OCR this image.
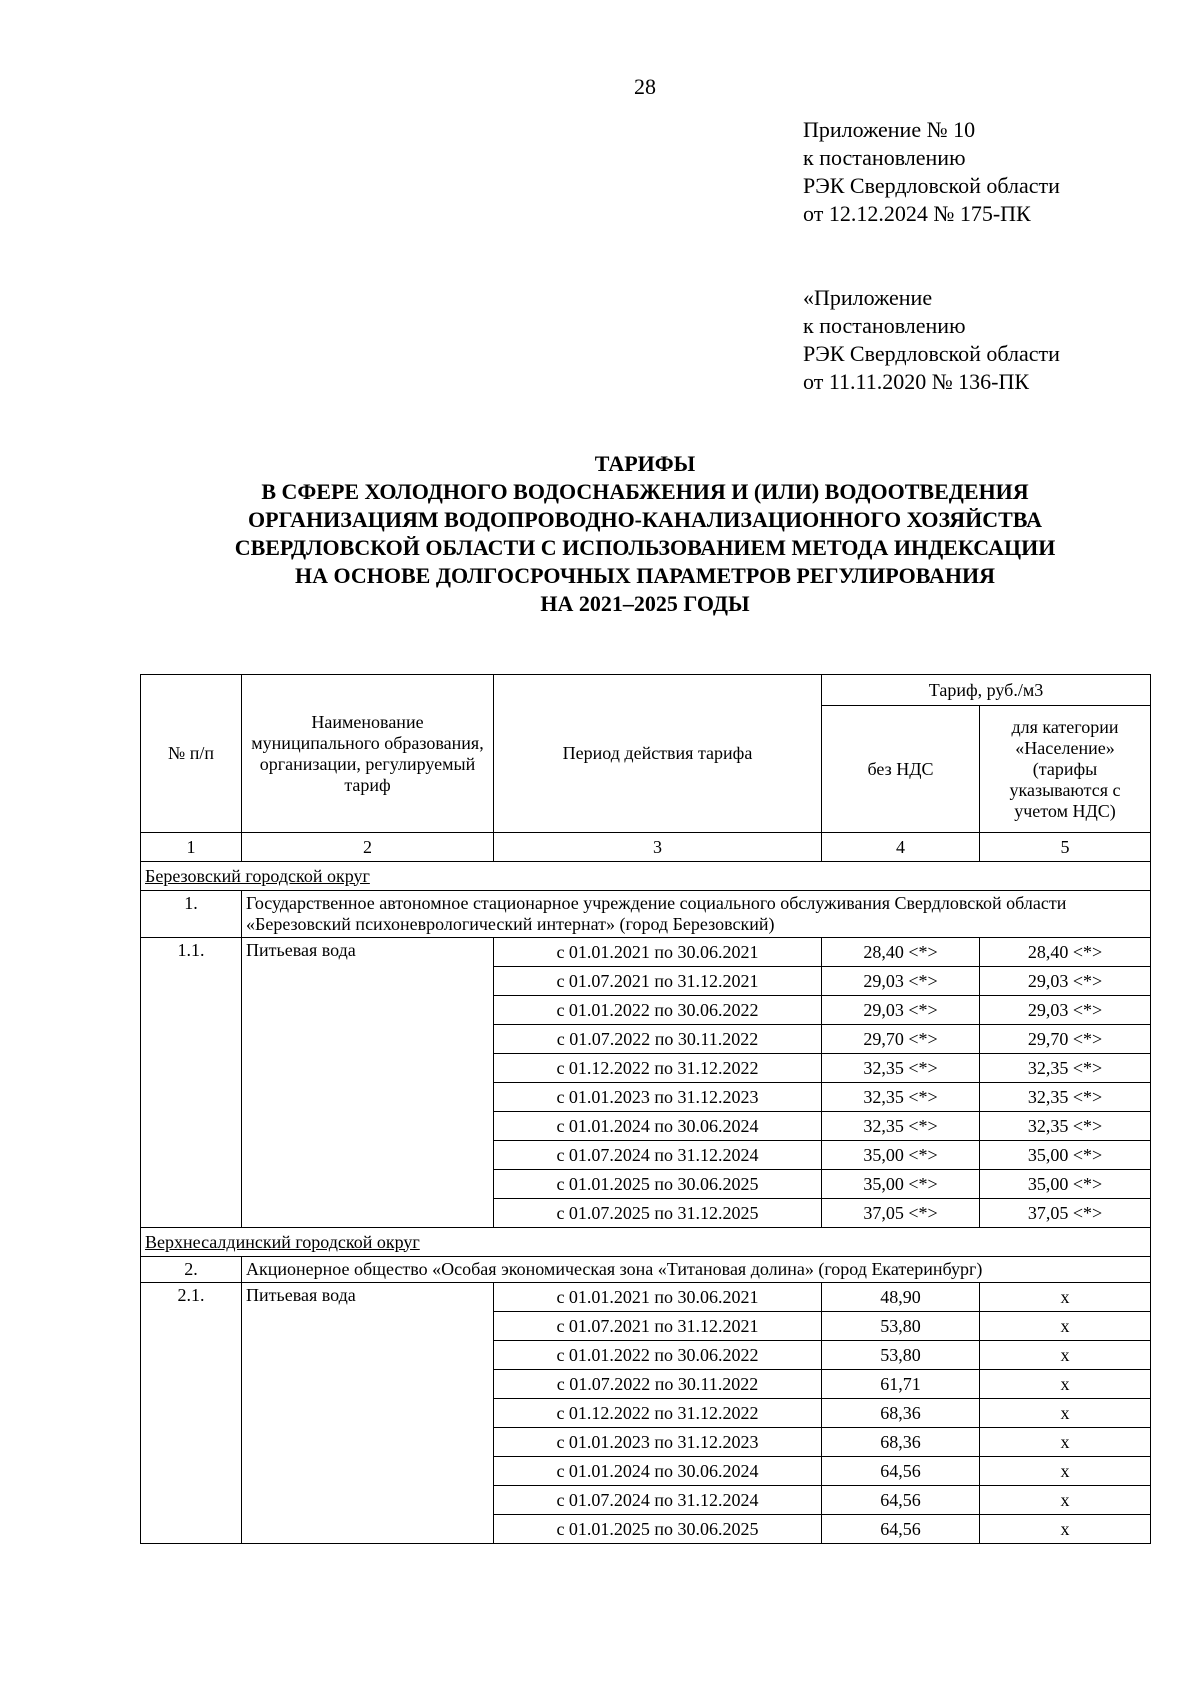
28
Приложение № 10
к постановлению
РЭК Свердловской области
от 12.12.2024 № 175-ПК
«Приложение
к постановлению
РЭК Свердловской области
от 11.11.2020 № 136-ПК
ТАРИФЫ
В СФЕРЕ ХОЛОДНОГО ВОДОСНАБЖЕНИЯ И (ИЛИ) ВОДООТВЕДЕНИЯ
ОРГАНИЗАЦИЯМ ВОДОПРОВОДНО-КАНАЛИЗАЦИОННОГО ХОЗЯЙСТВА
СВЕРДЛОВСКОЙ ОБЛАСТИ С ИСПОЛЬЗОВАНИЕМ МЕТОДА ИНДЕКСАЦИИ
НА ОСНОВЕ ДОЛГОСРОЧНЫХ ПАРАМЕТРОВ РЕГУЛИРОВАНИЯ
НА 2021–2025 ГОДЫ
№ п/п	Наименование муниципального образования, организации, регулируемый тариф	Период действия тарифа	Тариф, руб./м3	
			без НДС	для категории «Население» (тарифы указываются с учетом НДС)
1	2	3	4	5
Березовский городской округ				
1.	Государственное автономное стационарное учреждение социального обслуживания Свердловской области «Березовский психоневрологический интернат» (город Березовский)			
1.1.	Питьевая вода	с 01.01.2021 по 30.06.2021	28,40 <*>	28,40 <*>
		с 01.07.2021 по 31.12.2021	29,03 <*>	29,03 <*>
		с 01.01.2022 по 30.06.2022	29,03 <*>	29,03 <*>
		с 01.07.2022 по 30.11.2022	29,70 <*>	29,70 <*>
		с 01.12.2022 по 31.12.2022	32,35 <*>	32,35 <*>
		с 01.01.2023 по 31.12.2023	32,35 <*>	32,35 <*>
		с 01.01.2024 по 30.06.2024	32,35 <*>	32,35 <*>
		с 01.07.2024 по 31.12.2024	35,00 <*>	35,00 <*>
		с 01.01.2025 по 30.06.2025	35,00 <*>	35,00 <*>
		с 01.07.2025 по 31.12.2025	37,05 <*>	37,05 <*>
Верхнесалдинский городской округ				
2.	Акционерное общество «Особая экономическая зона «Титановая долина» (город Екатеринбург)			
2.1.	Питьевая вода	с 01.01.2021 по 30.06.2021	48,90	х
		с 01.07.2021 по 31.12.2021	53,80	х
		с 01.01.2022 по 30.06.2022	53,80	х
		с 01.07.2022 по 30.11.2022	61,71	х
		с 01.12.2022 по 31.12.2022	68,36	х
		с 01.01.2023 по 31.12.2023	68,36	х
		с 01.01.2024 по 30.06.2024	64,56	х
		с 01.07.2024 по 31.12.2024	64,56	х
		с 01.01.2025 по 30.06.2025	64,56	х
